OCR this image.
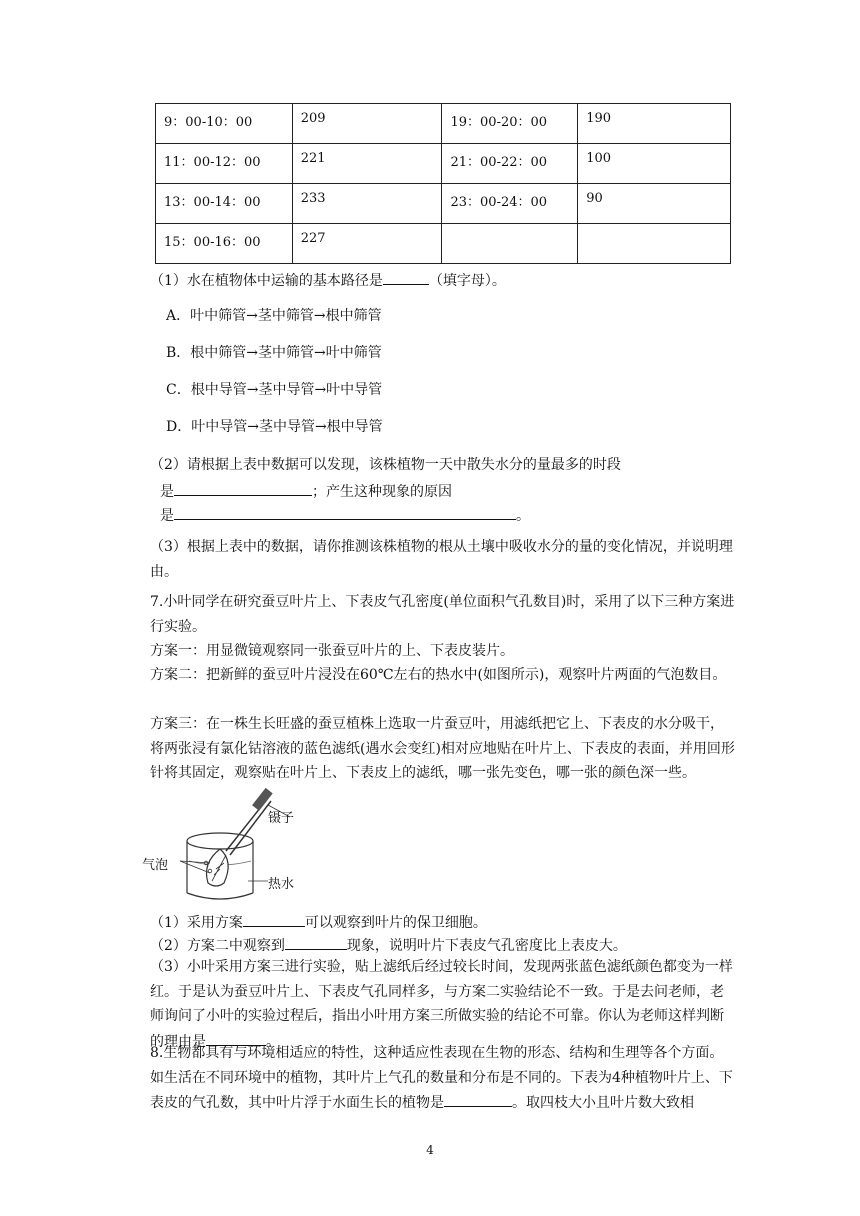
9：00-10：00	209	19：00-20：00	190
11：00-12：00	221	21：00-22：00	100
13：00-14：00	233	23：00-24：00	90
15：00-16：00	227		
（1）水在植物体中运输的基本路径是	（填字母）。
A．叶中筛管→茎中筛管→根中筛管
B．根中筛管→茎中筛管→叶中筛管
C．根中导管→茎中导管→叶中导管
D．叶中导管→茎中导管→根中导管
（2）请根据上表中数据可以发现，该株植物一天中散失水分的量最多的时段
是	；产生这种现象的原因
是	。
（3）根据上表中的数据，请你推测该株植物的根从土壤中吸收水分的量的变化情况，并说明理由。
7.小叶同学在研究蚕豆叶片上、下表皮气孔密度(单位面积气孔数目)时，采用了以下三种方案进行实验。
方案一：用显微镜观察同一张蚕豆叶片的上、下表皮装片。
方案二：把新鲜的蚕豆叶片浸没在60℃左右的热水中(如图所示)，观察叶片两面的气泡数目。
方案三：在一株生长旺盛的蚕豆植株上选取一片蚕豆叶，用滤纸把它上、下表皮的水分吸干，将两张浸有氯化钴溶液的蓝色滤纸(遇水会变红)相对应地贴在叶片上、下表皮的表面，并用回形针将其固定，观察贴在叶片上、下表皮上的滤纸，哪一张先变色，哪一张的颜色深一些。
镊子
气泡
热水
（1）采用方案	可以观察到叶片的保卫细胞。
（2）方案二中观察到	现象，说明叶片下表皮气孔密度比上表皮大。
（3）小叶采用方案三进行实验，贴上滤纸后经过较长时间，发现两张蓝色滤纸颜色都变为一样红。于是认为蚕豆叶片上、下表皮气孔同样多，与方案二实验结论不一致。于是去问老师，老师询问了小叶的实验过程后，指出小叶用方案三所做实验的结论不可靠。你认为老师这样判断的理由是	。
8.生物都具有与环境相适应的特性，这种适应性表现在生物的形态、结构和生理等各个方面。如生活在不同环境中的植物，其叶片上气孔的数量和分布是不同的。下表为4种植物叶片上、下表皮的气孔数，其中叶片浮于水面生长的植物是	。取四枝大小且叶片数大致相
4
